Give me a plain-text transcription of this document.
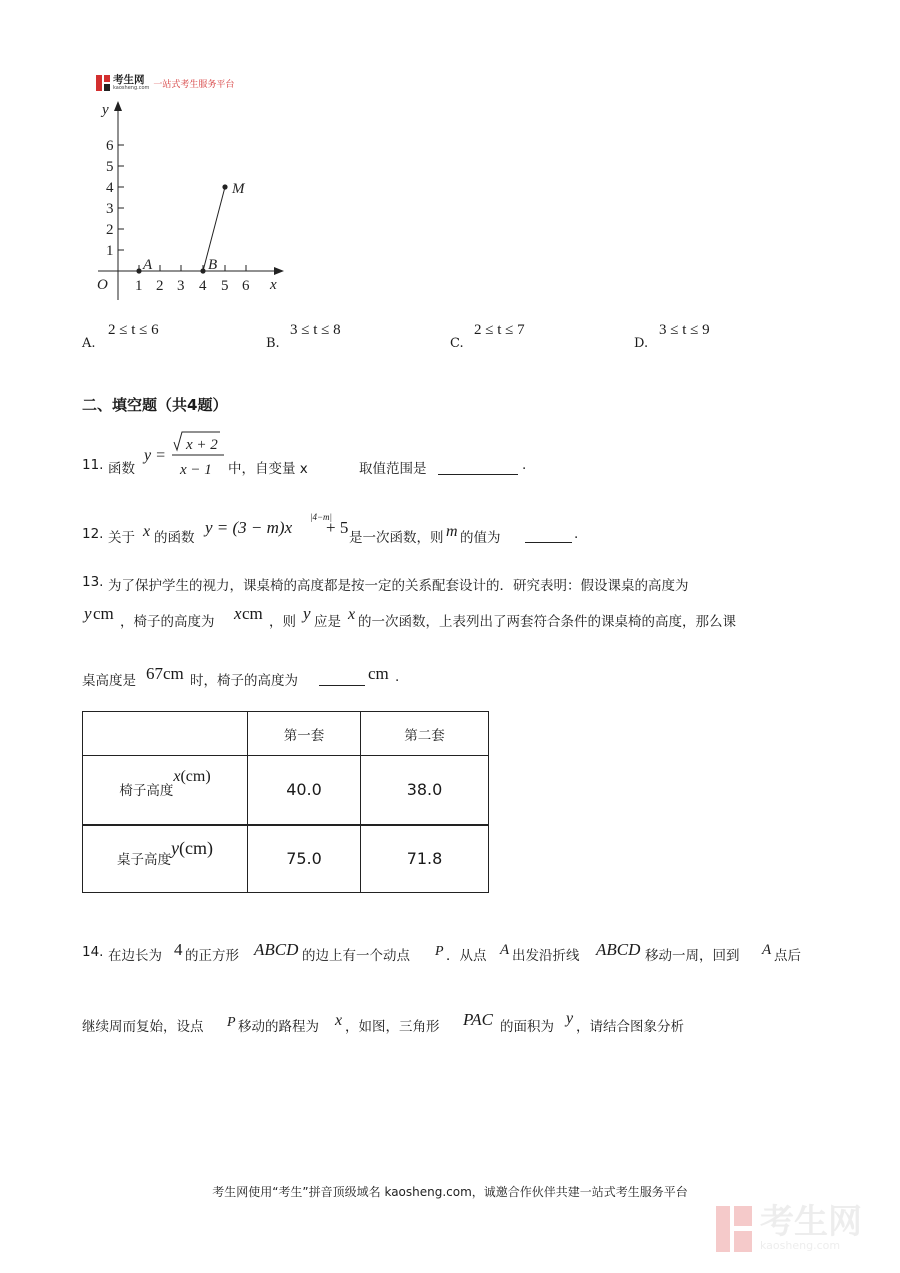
考生网
kaosheng.com 一站式考生服务平台
y
x
O
1
2
3
4
5
6
1 2 3 4 5 6
A	B
M
A.
2 ≤ t ≤ 6
B.
3 ≤ t ≤ 8
C.
2 ≤ t ≤ 7
D.
3 ≤ t ≤ 9
二、填空题（共4题）
11. 函数
y =
x + 2
x − 1 中，自变量 x	取值范围是	.
12. 关于 x 的函数
y = (3 − m)x
|4−m|
+ 5
是一次函数，则 m 的值为	.
13. 为了保护学生的视力，课桌椅的高度都是按一定的关系配套设计的．研究表明：假设课桌的高度为
y cm ，椅子的高度为 x cm ，则 y 应是 x 的一次函数，上表列出了两套符合条件的课桌椅的高度，那么课
桌高度是 67cm 时，椅子的高度为	cm .
	第一套	第二套
椅子高度x(cm)	40.0	38.0
桌子高度y(cm)	75.0	71.8
14. 在边长为 4 的正方形 ABCD 的边上有一个动点 P ．从点 A 出发沿折线 ABCD 移动一周，回到 A 点后
继续周而复始，设点 P 移动的路程为 x ，如图，三角形 PAC 的面积为 y ，请结合图象分析
考生网使用“考生”拼音顶级域名 kaosheng.com，诚邀合作伙伴共建一站式考生服务平台
考生网
kaosheng.com
